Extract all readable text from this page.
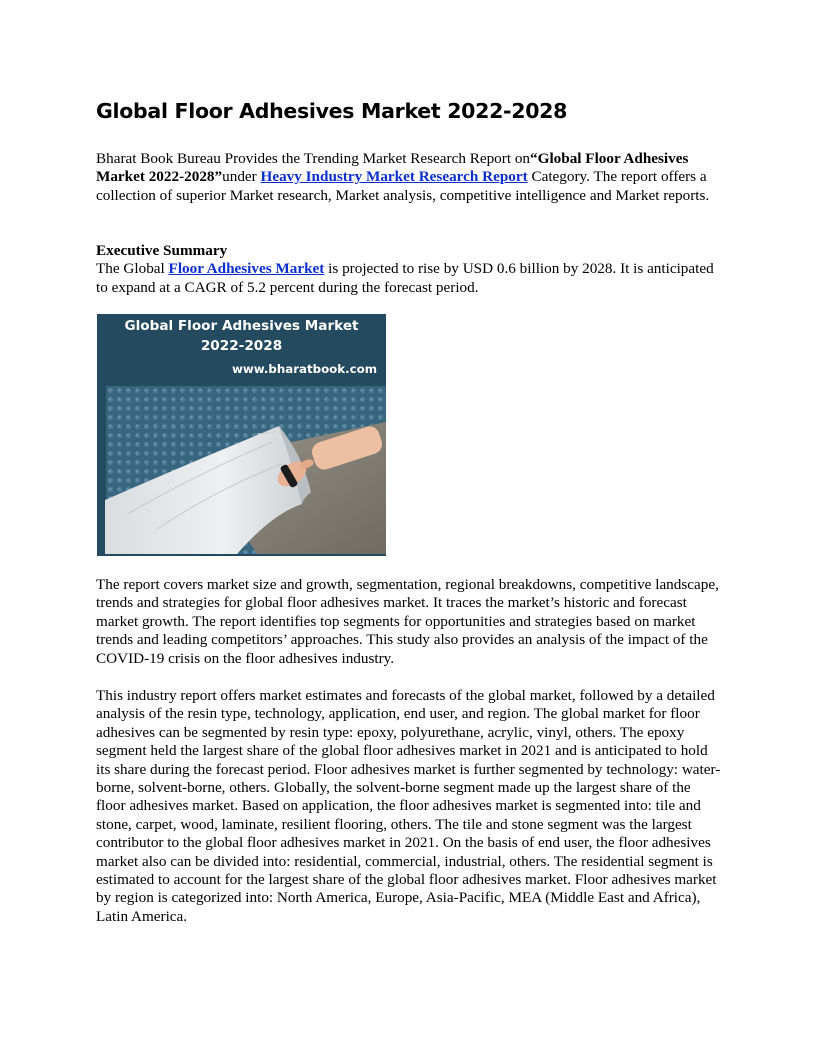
Global Floor Adhesives Market 2022-2028

Bharat Book Bureau Provides the Trending Market Research Report on“Global Floor Adhesives Market 2022-2028”under Heavy Industry Market Research Report Category. The report offers a collection of superior Market research, Market analysis, competitive intelligence and Market reports.

Executive Summary
The Global Floor Adhesives Market is projected to rise by USD 0.6 billion by 2028. It is anticipated to expand at a CAGR of 5.2 percent during the forecast period.

Global Floor Adhesives Market
2022-2028
www.bharatbook.com

The report covers market size and growth, segmentation, regional breakdowns, competitive landscape, trends and strategies for global floor adhesives market. It traces the market’s historic and forecast market growth. The report identifies top segments for opportunities and strategies based on market trends and leading competitors’ approaches. This study also provides an analysis of the impact of the COVID-19 crisis on the floor adhesives industry.

This industry report offers market estimates and forecasts of the global market, followed by a detailed analysis of the resin type, technology, application, end user, and region. The global market for floor adhesives can be segmented by resin type: epoxy, polyurethane, acrylic, vinyl, others. The epoxy segment held the largest share of the global floor adhesives market in 2021 and is anticipated to hold its share during the forecast period. Floor adhesives market is further segmented by technology: water-borne, solvent-borne, others. Globally, the solvent-borne segment made up the largest share of the floor adhesives market. Based on application, the floor adhesives market is segmented into: tile and stone, carpet, wood, laminate, resilient flooring, others. The tile and stone segment was the largest contributor to the global floor adhesives market in 2021. On the basis of end user, the floor adhesives market also can be divided into: residential, commercial, industrial, others. The residential segment is estimated to account for the largest share of the global floor adhesives market. Floor adhesives market by region is categorized into: North America, Europe, Asia-Pacific, MEA (Middle East and Africa), Latin America.
